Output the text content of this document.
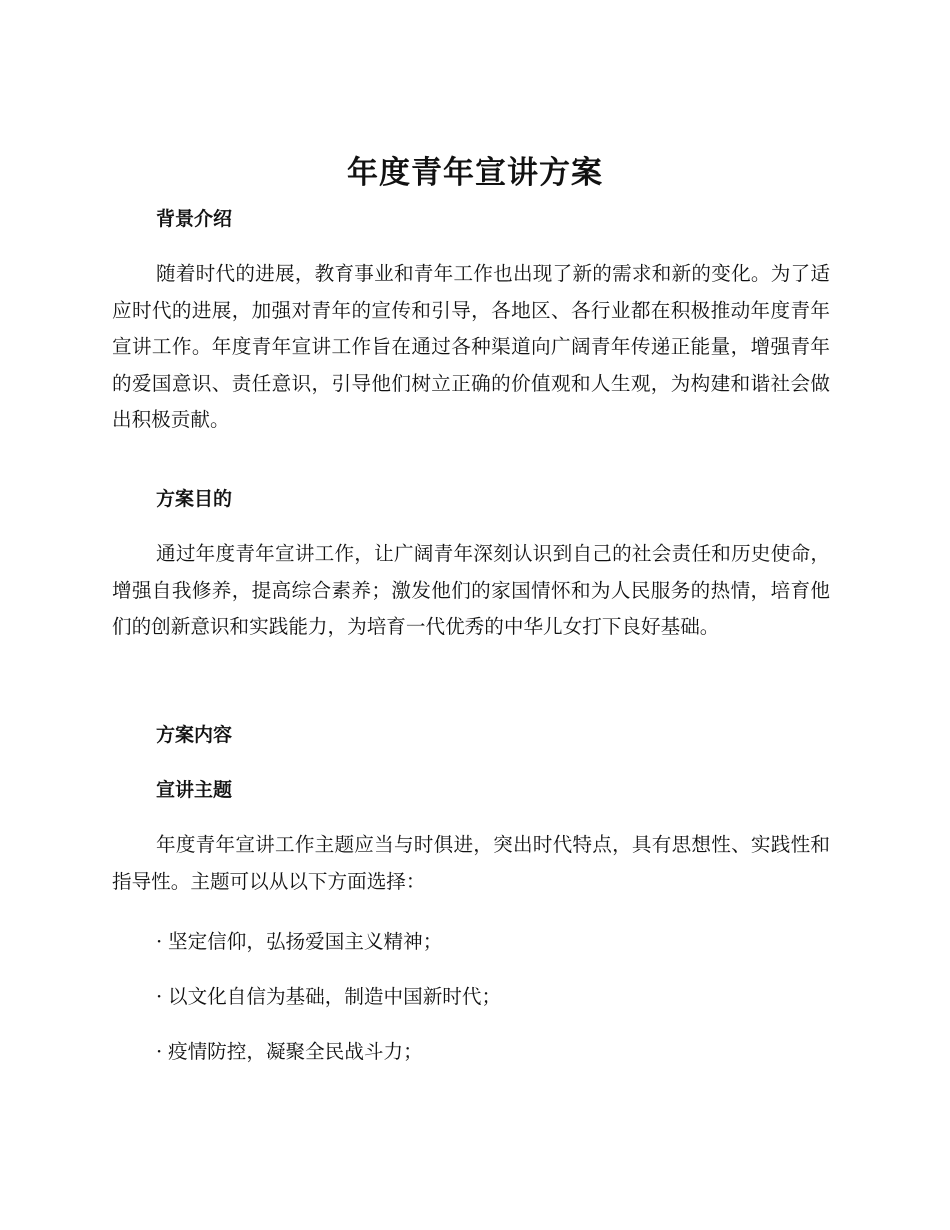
年度青年宣讲方案
背景介绍

随着时代的进展，教育事业和青年工作也出现了新的需求和新的变化。为了适应时代的进展，加强对青年的宣传和引导，各地区、各行业都在积极推动年度青年宣讲工作。年度青年宣讲工作旨在通过各种渠道向广阔青年传递正能量，增强青年的爱国意识、责任意识，引导他们树立正确的价值观和人生观，为构建和谐社会做出积极贡献。

方案目的

通过年度青年宣讲工作，让广阔青年深刻认识到自己的社会责任和历史使命，增强自我修养，提高综合素养；激发他们的家国情怀和为人民服务的热情，培育他们的创新意识和实践能力，为培育一代优秀的中华儿女打下良好基础。

方案内容
宣讲主题

年度青年宣讲工作主题应当与时俱进，突出时代特点，具有思想性、实践性和指导性。主题可以从以下方面选择：

· 坚定信仰，弘扬爱国主义精神；
· 以文化自信为基础，制造中国新时代；
· 疫情防控，凝聚全民战斗力；
